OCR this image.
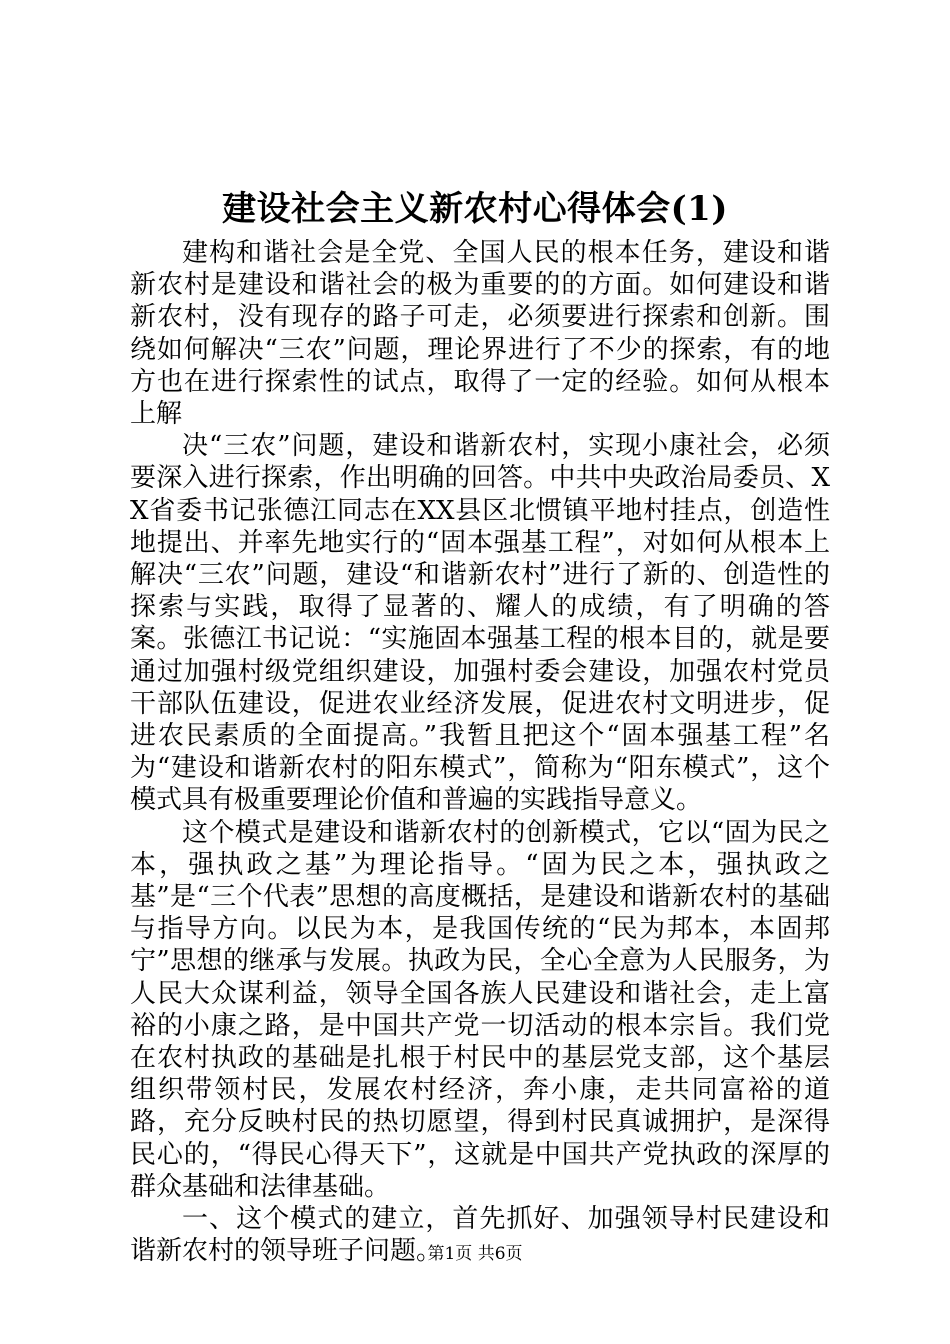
建设社会主义新农村心得体会(1)

建构和谐社会是全党、全国人民的根本任务，建设和谐新农村是建设和谐社会的极为重要的的方面。如何建设和谐新农村，没有现存的路子可走，必须要进行探索和创新。围绕如何解决“三农”问题，理论界进行了不少的探索，有的地方也在进行探索性的试点，取得了一定的经验。如何从根本上解

决“三农”问题，建设和谐新农村，实现小康社会，必须要深入进行探索，作出明确的回答。中共中央政治局委员、XX省委书记张德江同志在XX县区北惯镇平地村挂点，创造性地提出、并率先地实行的“固本强基工程”，对如何从根本上解决“三农”问题，建设“和谐新农村”进行了新的、创造性的探索与实践，取得了显著的、耀人的成绩，有了明确的答案。张德江书记说：“实施固本强基工程的根本目的，就是要通过加强村级党组织建设，加强村委会建设，加强农村党员干部队伍建设，促进农业经济发展，促进农村文明进步，促进农民素质的全面提高。”我暂且把这个“固本强基工程”名为“建设和谐新农村的阳东模式”，简称为“阳东模式”，这个模式具有极重要理论价值和普遍的实践指导意义。

这个模式是建设和谐新农村的创新模式，它以“固为民之本，强执政之基”为理论指导。“固为民之本，强执政之基”是“三个代表”思想的高度概括，是建设和谐新农村的基础与指导方向。以民为本，是我国传统的“民为邦本，本固邦宁”思想的继承与发展。执政为民，全心全意为人民服务，为人民大众谋利益，领导全国各族人民建设和谐社会，走上富裕的小康之路，是中国共产党一切活动的根本宗旨。我们党在农村执政的基础是扎根于村民中的基层党支部，这个基层组织带领村民，发展农村经济，奔小康，走共同富裕的道路，充分反映村民的热切愿望，得到村民真诚拥护，是深得民心的，“得民心得天下”，这就是中国共产党执政的深厚的群众基础和法律基础。

一、这个模式的建立，首先抓好、加强领导村民建设和谐新农村的领导班子问题。

第1页 共6页
